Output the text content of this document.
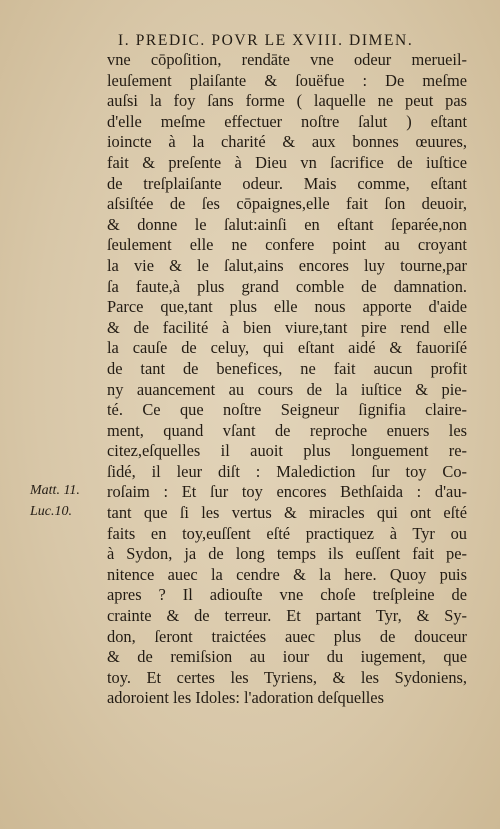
I. PREDIC. POVR LE XVIII. DIMEN.
vne cōpoſition, rendāte vne odeur merueil-
leuſement plaiſante & ſouëfue : De meſme
auſsi la foy ſans forme ( laquelle ne peut pas
d'elle meſme effectuer noſtre ſalut ) eſtant
ioincte à la charité & aux bonnes œuures,
fait & preſente à Dieu vn ſacrifice de iuſtice
de treſplaiſante odeur. Mais comme, eſtant
aſsiſtée de ſes cōpaignes,elle fait ſon deuoir,
& donne le ſalut:ainſi en eſtant ſeparée,non
ſeulement elle ne confere point au croyant
la vie & le ſalut,ains encores luy tourne,par
ſa faute,à plus grand comble de damnation.
Parce que,tant plus elle nous apporte d'aide
& de facilité à bien viure,tant pire rend elle
la cauſe de celuy, qui eſtant aidé & fauoriſé
de tant de benefices, ne fait aucun profit
ny auancement au cours de la iuſtice & pie-
té. Ce que noſtre Seigneur ſignifia claire-
ment, quand vſant de reproche enuers les
citez,eſquelles il auoit plus longuement re-
ſidé, il leur diſt : Malediction ſur toy Co-
roſaim : Et ſur toy encores Bethſaida : d'au-
tant que ſi les vertus & miracles qui ont eſté
faits en toy,euſſent eſté practiquez à Tyr ou
à Sydon, ja de long temps ils euſſent fait pe-
nitence auec la cendre & la here. Quoy puis
apres ? Il adiouſte vne choſe treſpleine de
crainte & de terreur. Et partant Tyr, & Sy-
don, ſeront traictées auec plus de douceur
& de remiſsion au iour du iugement, que
toy. Et certes les Tyriens, & les Sydoniens,
adoroient les Idoles: l'adoration deſquelles
Matt. 11.
Luc.10.
